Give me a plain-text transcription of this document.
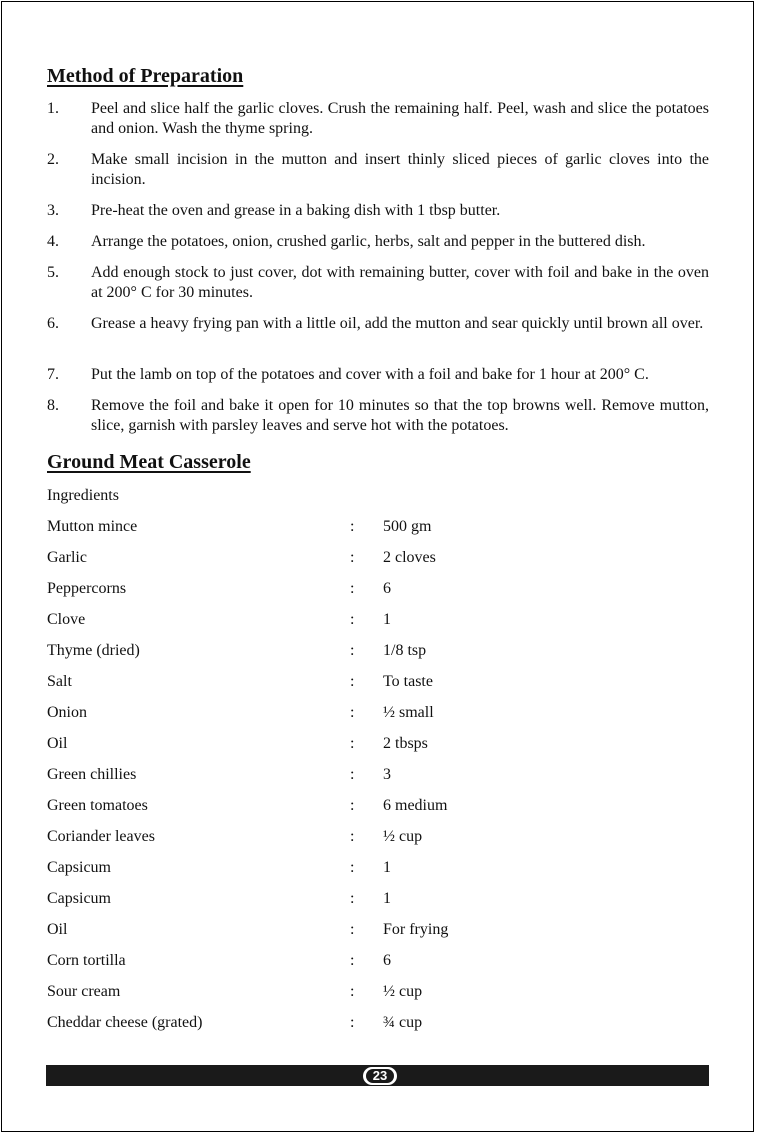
Method of Preparation
1.	Peel and slice half the garlic cloves. Crush the remaining half. Peel, wash and slice the potatoes and onion. Wash the thyme spring.
2.	Make small incision in the mutton and insert thinly sliced pieces of garlic cloves into the incision.
3.	Pre-heat the oven and grease in a baking dish with 1 tbsp butter.
4.	Arrange the potatoes, onion, crushed garlic, herbs, salt and pepper in the buttered dish.
5.	Add enough stock to just cover, dot with remaining butter, cover with foil and bake in the oven at 200° C for 30 minutes.
6.	Grease a heavy frying pan with a little oil, add the mutton and sear quickly until brown all over.
7.	Put the lamb on top of the potatoes and cover with a foil and bake for 1 hour at 200° C.
8.	Remove the foil and bake it open for 10 minutes so that the top browns well. Remove mutton, slice, garnish with parsley leaves and serve hot with the potatoes.
Ground Meat Casserole
Ingredients
Mutton mince	: 500 gm
Garlic	: 2 cloves
Peppercorns	: 6
Clove	: 1
Thyme (dried)	: 1/8 tsp
Salt	: To taste
Onion	: ½ small
Oil	: 2 tbsps
Green chillies	: 3
Green tomatoes	: 6 medium
Coriander leaves	: ½ cup
Capsicum	: 1
Capsicum	: 1
Oil	: For frying
Corn tortilla	: 6
Sour cream	: ½ cup
Cheddar cheese (grated)	: ¾ cup
23
